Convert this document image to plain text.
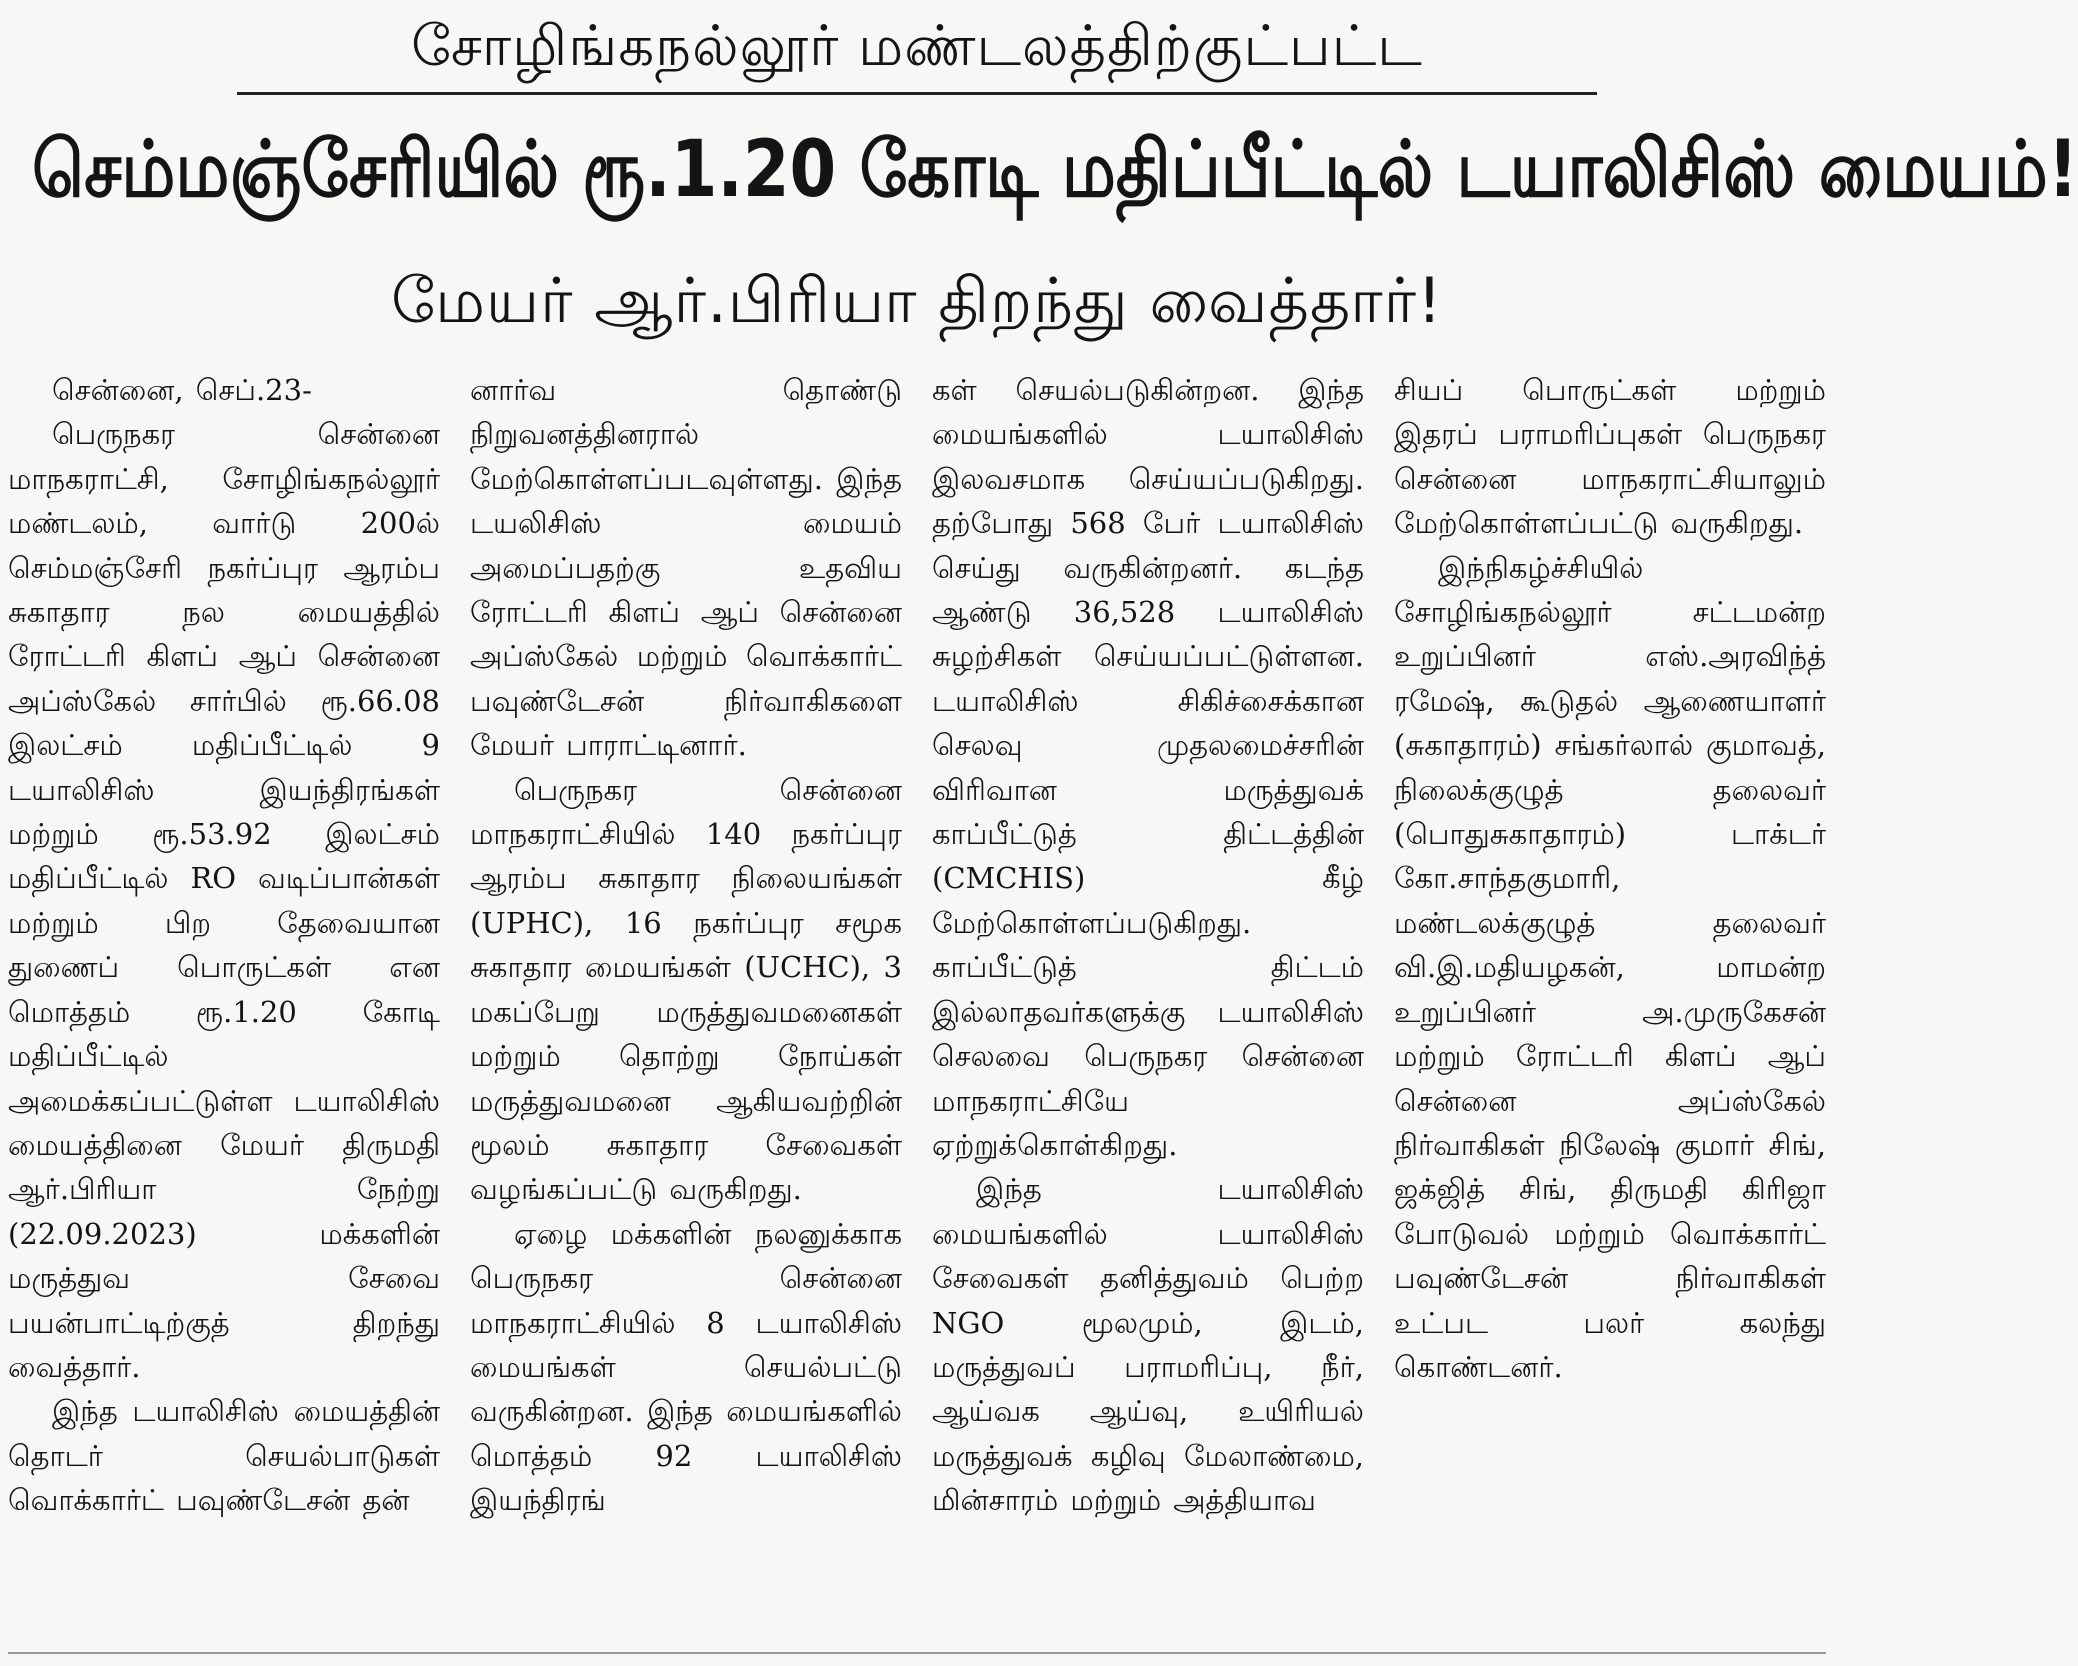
சோழிங்கநல்லூர் மண்டலத்திற்குட்பட்ட
செம்மஞ்சேரியில் ரூ.1.20 கோடி மதிப்பீட்டில் டயாலிசிஸ் மையம்!
மேயர் ஆர்.பிரியா திறந்து வைத்தார்!

சென்னை, செப்.23-

பெருநகர சென்னை மாநகராட்சி, சோழிங்கநல்லூர் மண்டலம், வார்டு 200ல் செம்மஞ்சேரி நகர்ப்புர ஆரம்ப சுகாதார நல மையத்தில் ரோட்டரி கிளப் ஆப் சென்னை அப்ஸ்கேல் சார்பில் ரூ.66.08 இலட்சம் மதிப்பீட்டில் 9 டயாலிசிஸ் இயந்திரங்கள் மற்றும் ரூ.53.92 இலட்சம் மதிப்பீட்டில் RO வடிப்பான்கள் மற்றும் பிற தேவையான துணைப் பொருட்கள் என மொத்தம் ரூ.1.20 கோடி மதிப்பீட்டில் அமைக்கப்பட்டுள்ள டயாலிசிஸ் மையத்தினை மேயர் திருமதி ஆர்.பிரியா நேற்று (22.09.2023) மக்களின் மருத்துவ சேவை பயன்பாட்டிற்குத் திறந்து வைத்தார்.

இந்த டயாலிசிஸ் மையத்தின் தொடர் செயல்பாடுகள் வொக்கார்ட் பவுண்டேசன் தன்

னார்வ தொண்டு நிறுவனத்தினரால் மேற்கொள்ளப்படவுள்ளது. இந்த டயலிசிஸ் மையம் அமைப்பதற்கு உதவிய ரோட்டரி கிளப் ஆப் சென்னை அப்ஸ்கேல் மற்றும் வொக்கார்ட் பவுண்டேசன் நிர்வாகிகளை மேயர் பாராட்டினார்.

பெருநகர சென்னை மாநகராட்சியில் 140 நகர்ப்புர ஆரம்ப சுகாதார நிலையங்கள் (UPHC), 16 நகர்ப்புர சமூக சுகாதார மையங்கள் (UCHC), 3 மகப்பேறு மருத்துவமனைகள் மற்றும் தொற்று நோய்கள் மருத்துவமனை ஆகியவற்றின் மூலம் சுகாதார சேவைகள் வழங்கப்பட்டு வருகிறது.

ஏழை மக்களின் நலனுக்காக பெருநகர சென்னை மாநகராட்சியில் 8 டயாலிசிஸ் மையங்கள் செயல்பட்டு வருகின்றன. இந்த மையங்களில் மொத்தம் 92 டயாலிசிஸ் இயந்திரங்

கள் செயல்படுகின்றன. இந்த மையங்களில் டயாலிசிஸ் இலவசமாக செய்யப்படுகிறது. தற்போது 568 பேர் டயாலிசிஸ் செய்து வருகின்றனர். கடந்த ஆண்டு 36,528 டயாலிசிஸ் சுழற்சிகள் செய்யப்பட்டுள்ளன. டயாலிசிஸ் சிகிச்சைக்கான செலவு முதலமைச்சரின் விரிவான மருத்துவக் காப்பீட்டுத் திட்டத்தின் (CMCHIS) கீழ் மேற்கொள்ளப்படுகிறது. காப்பீட்டுத் திட்டம் இல்லாதவர்களுக்கு டயாலிசிஸ் செலவை பெருநகர சென்னை மாநகராட்சியே ஏற்றுக்கொள்கிறது.

இந்த டயாலிசிஸ் மையங்களில் டயாலிசிஸ் சேவைகள் தனித்துவம் பெற்ற NGO மூலமும், இடம், மருத்துவப் பராமரிப்பு, நீர், ஆய்வக ஆய்வு, உயிரியல் மருத்துவக் கழிவு மேலாண்மை, மின்சாரம் மற்றும் அத்தியாவ

சியப் பொருட்கள் மற்றும் இதரப் பராமரிப்புகள் பெருநகர சென்னை மாநகராட்சியாலும் மேற்கொள்ளப்பட்டு வருகிறது.

இந்நிகழ்ச்சியில் சோழிங்கநல்லூர் சட்டமன்ற உறுப்பினர் எஸ்.அரவிந்த் ரமேஷ், கூடுதல் ஆணையாளர் (சுகாதாரம்) சங்கர்லால் குமாவத், நிலைக்குழுத் தலைவர் (பொதுசுகாதாரம்) டாக்டர் கோ.சாந்தகுமாரி, மண்டலக்குழுத் தலைவர் வி.இ.மதியழகன், மாமன்ற உறுப்பினர் அ.முருகேசன் மற்றும் ரோட்டரி கிளப் ஆப் சென்னை அப்ஸ்கேல் நிர்வாகிகள் நிலேஷ் குமார் சிங், ஜக்ஜித் சிங், திருமதி கிரிஜா போடுவல் மற்றும் வொக்கார்ட் பவுண்டேசன் நிர்வாகிகள் உட்பட பலர் கலந்து கொண்டனர்.
